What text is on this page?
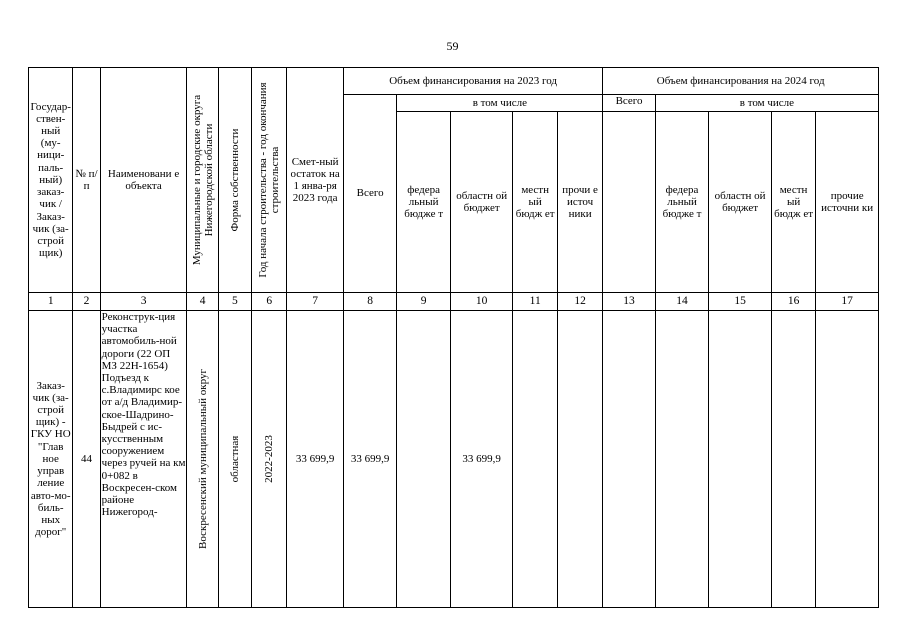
59
Государ-ствен-ный (му-ници-паль-ный) заказ-чик / Заказ-чик (за-строй щик)	№ п/п	Наименовани е объекта	Муниципальные и городские округа Нижегородской области	Форма собственности	Год начала строительства - год окончания строительства	Смет-ный остаток на 1 янва-ря 2023 года	Объем финансирования на 2023 год					Объем финансирования на 2024 год				
							Всего	в том числе				Всего	в том числе			
								федера льный бюдже т	областн ой бюджет	местн ый бюдж ет	прочи е источ ники		федера льный бюдже т	областн ой бюджет	местн ый бюдж ет	прочие источни ки
1	2	3	4	5	6	7	8	9	10	11	12	13	14	15	16	17
Заказ-чик (за-строй щик) - ГКУ НО "Глав ное управ ление авто-мо-биль-ных дорог"	44	Реконструк-ция участка автомобиль-ной дороги (22 ОП МЗ 22Н-1654) Подъезд к с.Владимирс кое от а/д Владимир-ское-Шадрино-Быдрей с ис-кусственным сооружением через ручей на км 0+082 в Воскресен-ском районе Нижегород-	Воскресенский муниципальный округ	областная	2022-2023	33 699,9	33 699,9		33 699,9							
